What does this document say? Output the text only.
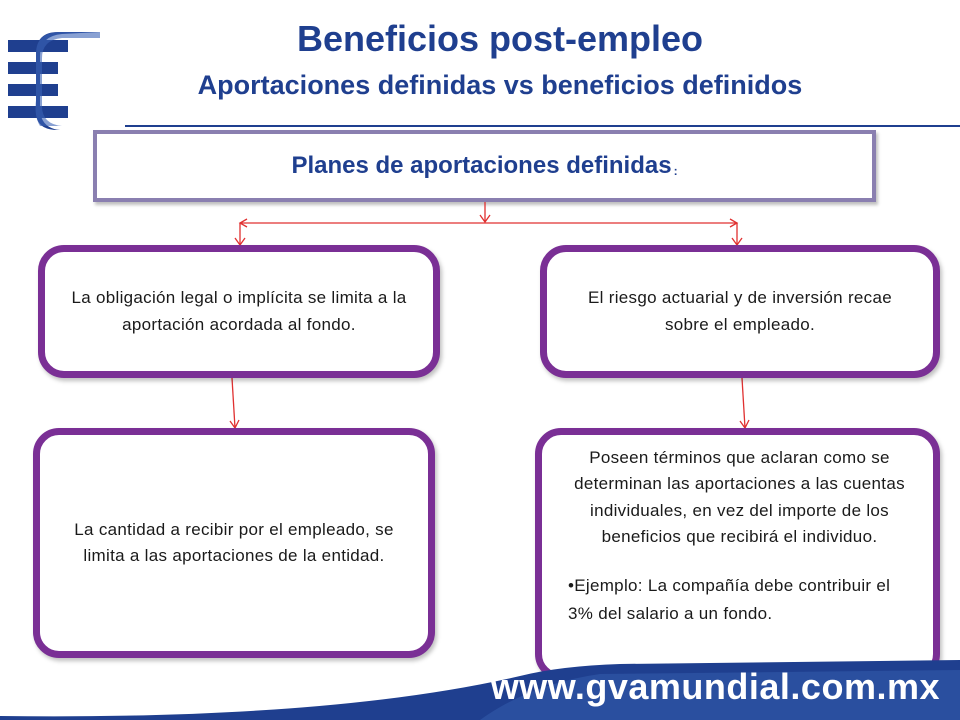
Beneficios post-empleo
Aportaciones definidas vs beneficios definidos
Planes de aportaciones definidas :
La obligación legal o implícita se limita a la aportación acordada al fondo.
El riesgo actuarial y de inversión recae sobre el empleado.
La cantidad a recibir por el empleado, se limita a las aportaciones de la entidad.

Poseen términos que aclaran como se determinan las aportaciones a las cuentas individuales, en vez del importe de los beneficios que recibirá el individuo.

•Ejemplo: La compañía debe contribuir el 3% del salario a un fondo.

www.gvamundial.com.mx
